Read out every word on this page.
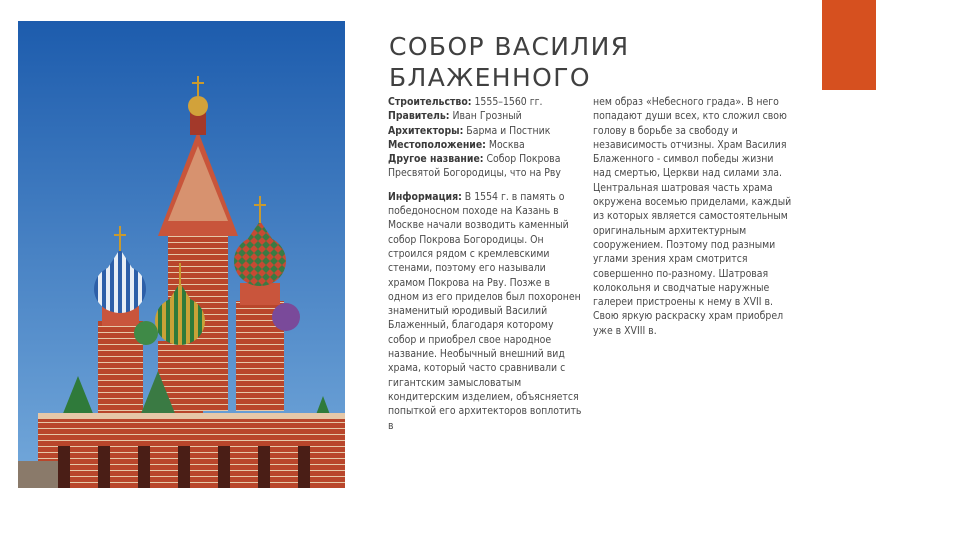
СОБОР ВАСИЛИЯ
БЛАЖЕННОГО

Строительство: 1555–1560 гг.

Правитель: Иван Грозный

Архитекторы: Барма и Постник

Местоположение: Москва

Другое название: Собор Покрова Пресвятой Богородицы, что на Рву

Информация: В 1554 г. в память о победоносном походе на Казань в Москве начали возводить каменный собор Покрова Богородицы. Он строился рядом с кремлевскими стенами, поэтому его называли храмом Покрова на Рву. Позже в одном из его приделов был похоронен знаменитый юродивый Василий Блаженный, благодаря которому собор и приобрел свое народное название. Необычный внешний вид храма, который часто сравнивали с гигантским замысловатым кондитерским изделием, объясняется попыткой его архитекторов воплотить в

нем образ «Небесного града». В него попадают души всех, кто сложил свою голову в борьбе за свободу и независимость отчизны. Храм Василия Блаженного - символ победы жизни над смертью, Церкви над силами зла. Центральная шатровая часть храма окружена восемью приделами, каждый из которых является самостоятельным оригинальным архитектурным сооружением. Поэтому под разными углами зрения храм смотрится совершенно по-разному. Шатровая колокольня и сводчатые наружные галереи пристроены к нему в XVII в. Свою яркую раскраску храм приобрел уже в XVIII в.
